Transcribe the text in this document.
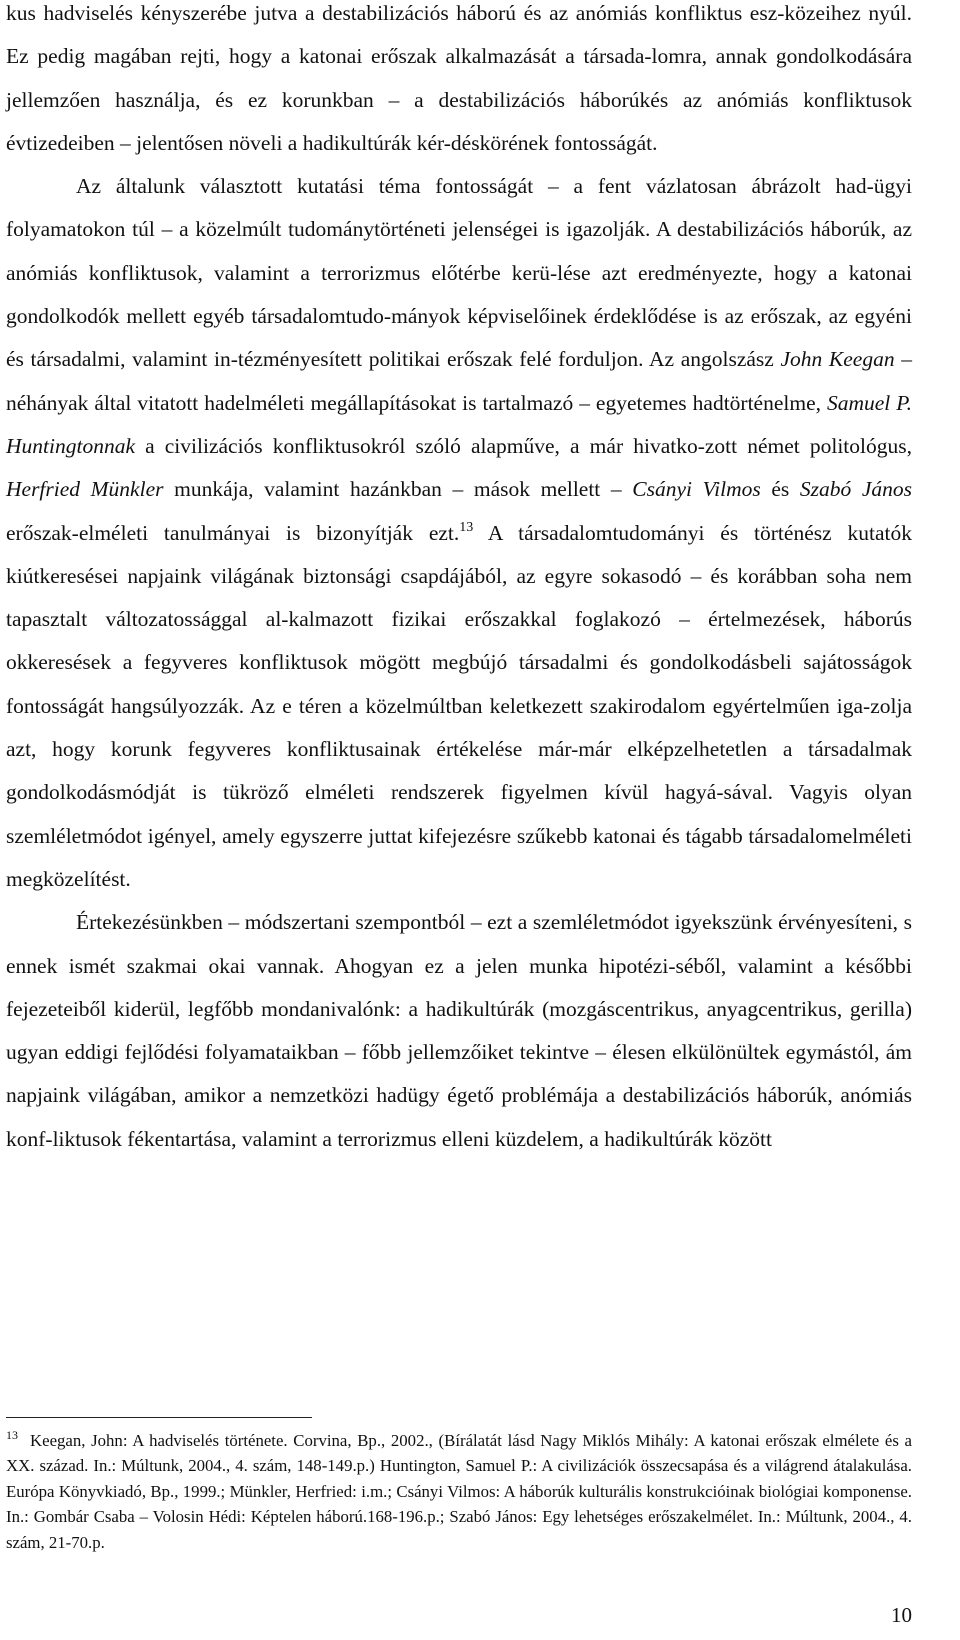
kus hadviselés kényszerébe jutva a destabilizációs háború és az anómiás konfliktus esz-közeihez nyúl. Ez pedig magában rejti, hogy a katonai erőszak alkalmazását a társada-lomra, annak gondolkodására jellemzően használja, és ez korunkban – a destabilizációs háborúkés az anómiás konfliktusok évtizedeiben – jelentősen növeli a hadikultúrák kér-déskörének fontosságát.

Az általunk választott kutatási téma fontosságát – a fent vázlatosan ábrázolt had-ügyi folyamatokon túl – a közelmúlt tudománytörténeti jelenségei is igazolják. A destabilizációs háborúk, az anómiás konfliktusok, valamint a terrorizmus előtérbe kerü-lése azt eredményezte, hogy a katonai gondolkodók mellett egyéb társadalomtudo-mányok képviselőinek érdeklődése is az erőszak, az egyéni és társadalmi, valamint in-tézményesített politikai erőszak felé forduljon. Az angolszász John Keegan – néhányak által vitatott hadelméleti megállapításokat is tartalmazó – egyetemes hadtörténelme, Samuel P. Huntingtonnak a civilizációs konfliktusokról szóló alapműve, a már hivatko-zott német politológus, Herfried Münkler munkája, valamint hazánkban – mások mellett – Csányi Vilmos és Szabó János erőszak-elméleti tanulmányai is bizonyítják ezt.$^{13}$ A társadalomtudományi és történész kutatók kiútkeresései napjaink világának biztonsági csapdájából, az egyre sokasodó – és korábban soha nem tapasztalt változatossággal al-kalmazott fizikai erőszakkal foglakozó – értelmezések, háborús okkeresések a fegyveres konfliktusok mögött megbújó társadalmi és gondolkodásbeli sajátosságok fontosságát hangsúlyozzák. Az e téren a közelmúltban keletkezett szakirodalom egyértelműen iga-zolja azt, hogy korunk fegyveres konfliktusainak értékelése már-már elképzelhetetlen a társadalmak gondolkodásmódját is tükröző elméleti rendszerek figyelmen kívül hagyá-sával. Vagyis olyan szemléletmódot igényel, amely egyszerre juttat kifejezésre szűkebb katonai és tágabb társadalomelméleti megközelítést.

Értekezésünkben – módszertani szempontból – ezt a szemléletmódot igyekszünk érvényesíteni, s ennek ismét szakmai okai vannak. Ahogyan ez a jelen munka hipotézi-séből, valamint a későbbi fejezeteiből kiderül, legfőbb mondanivalónk: a hadikultúrák (mozgáscentrikus, anyagcentrikus, gerilla) ugyan eddigi fejlődési folyamataikban – főbb jellemzőiket tekintve – élesen elkülönültek egymástól, ám napjaink világában, amikor a nemzetközi hadügy égető problémája a destabilizációs háborúk, anómiás konf-liktusok fékentartása, valamint a terrorizmus elleni küzdelem, a hadikultúrák között

$^{13}$ Keegan, John: A hadviselés története. Corvina, Bp., 2002., (Bírálatát lásd Nagy Miklós Mihály: A katonai erőszak elmélete és a XX. század. In.: Múltunk, 2004., 4. szám, 148-149.p.) Huntington, Samuel P.: A civilizációk összecsapása és a világrend átalakulása. Európa Könyvkiadó, Bp., 1999.; Münkler, Herfried: i.m.; Csányi Vilmos: A háborúk kulturális konstrukcióinak biológiai komponense. In.: Gombár Csaba – Volosin Hédi: Képtelen háború.168-196.p.; Szabó János: Egy lehetséges erőszakelmélet. In.: Múltunk, 2004., 4. szám, 21-70.p.
10
